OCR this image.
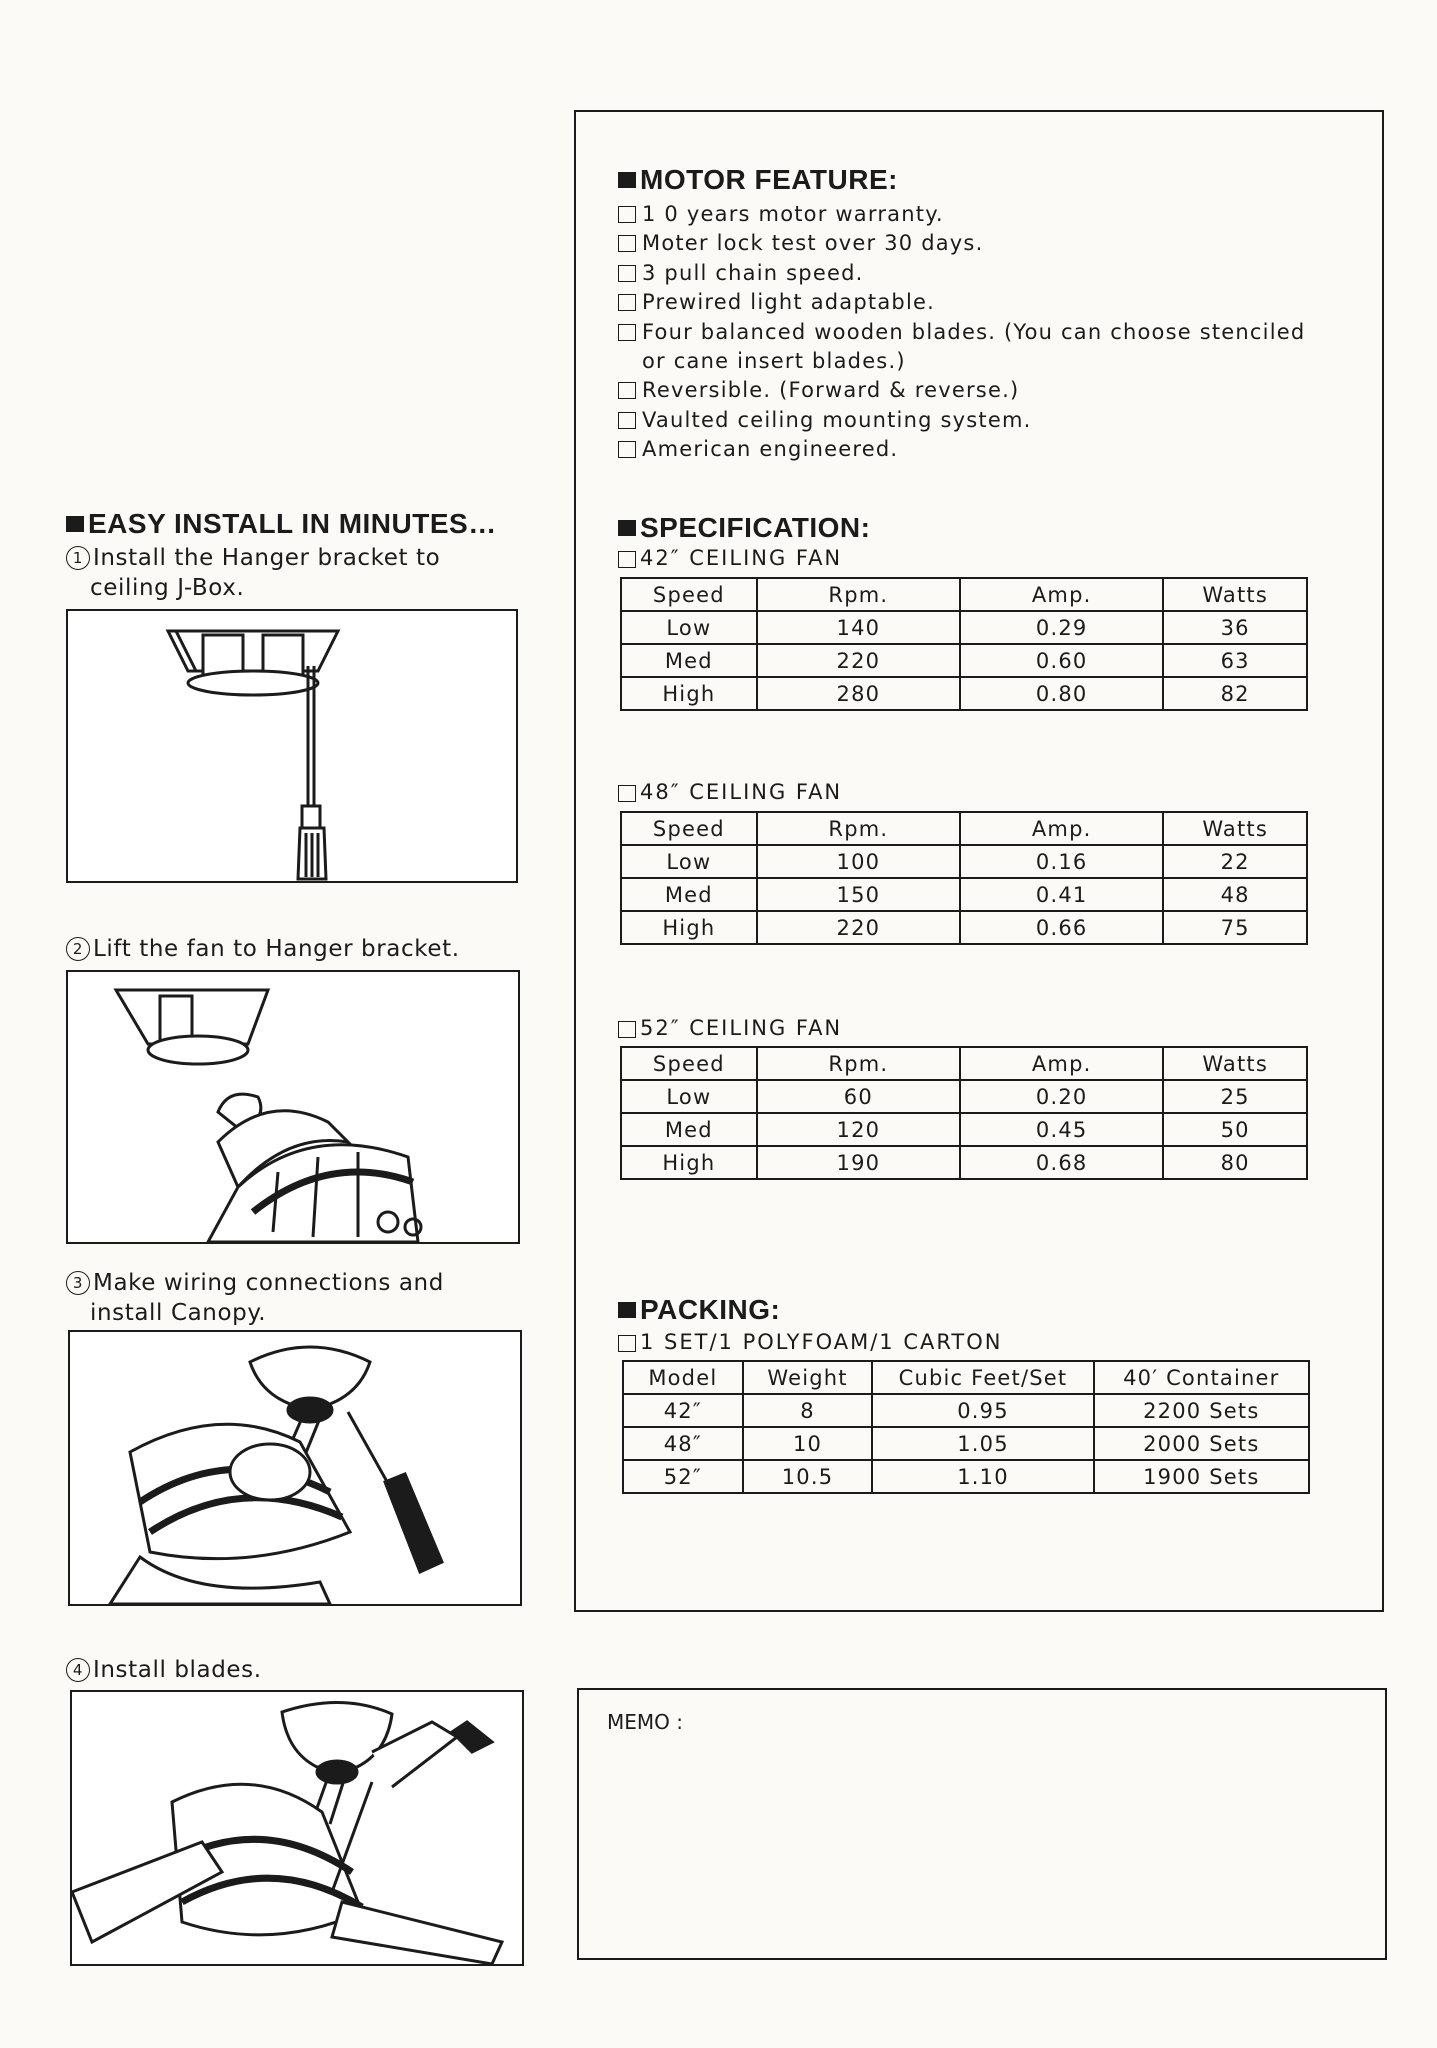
EASY INSTALL IN MINUTES…
1 Install the Hanger bracket to
ceiling J-Box.
2 Lift the fan to Hanger bracket.
3 Make wiring connections and
install Canopy.
4 Install blades.
MOTOR FEATURE:
1 0 years motor warranty.
Moter lock test over 30 days.
3 pull chain speed.
Prewired light adaptable.
Four balanced wooden blades. (You can choose stenciled
or cane insert blades.)
Reversible. (Forward & reverse.)
Vaulted ceiling mounting system.
American engineered.
SPECIFICATION:
42″ CEILING FAN
Speed	Rpm.	Amp.	Watts
Low	140	0.29	36
Med	220	0.60	63
High	280	0.80	82
48″ CEILING FAN
Speed	Rpm.	Amp.	Watts
Low	100	0.16	22
Med	150	0.41	48
High	220	0.66	75
52″ CEILING FAN
Speed	Rpm.	Amp.	Watts
Low	60	0.20	25
Med	120	0.45	50
High	190	0.68	80
PACKING:
1 SET/1 POLYFOAM/1 CARTON
Model	Weight	Cubic Feet/Set	40′ Container
42″	8	0.95	2200 Sets
48″	10	1.05	2000 Sets
52″	10.5	1.10	1900 Sets
MEMO :
